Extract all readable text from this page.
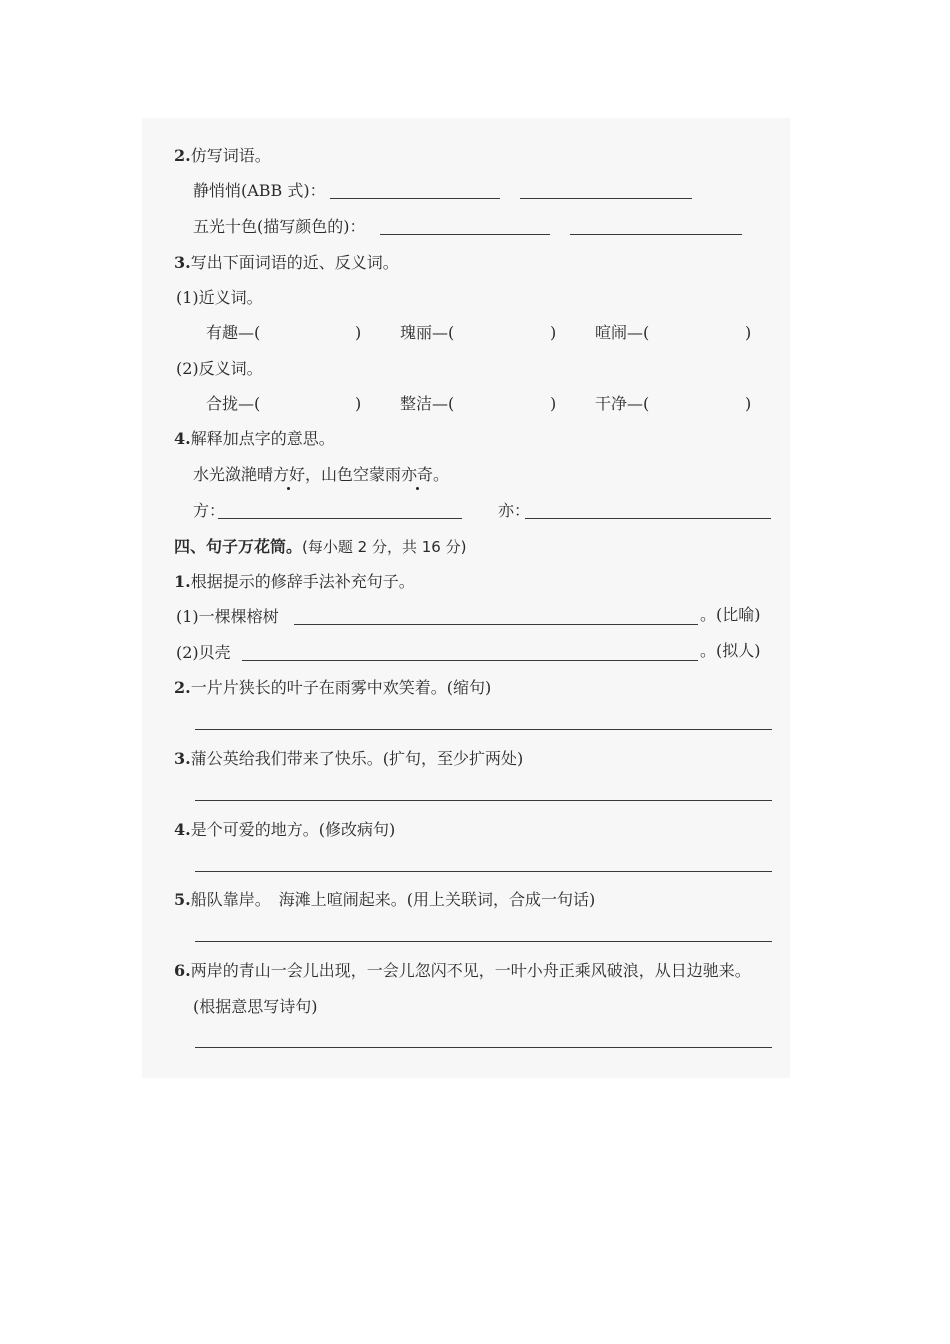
2.仿写词语。
静悄悄(ABB 式)：
五光十色(描写颜色的)：
3.写出下面词语的近、反义词。
(1)近义词。
有趣—(	) 瑰丽—(	) 喧闹—(	)
(2)反义词。
合拢—(	) 整洁—(	) 干净—(	)
4.解释加点字的意思。
水光潋滟晴方好，山色空蒙雨亦奇。
方：	亦：
四、句子万花筒。(每小题 2 分，共 16 分)
1.根据提示的修辞手法补充句子。
(1)一棵棵榕树	。(比喻)
(2)贝壳	。(拟人)
2.一片片狭长的叶子在雨雾中欢笑着。(缩句)
3.蒲公英给我们带来了快乐。(扩句，至少扩两处)
4.是个可爱的地方。(修改病句)
5.船队靠岸。　海滩上喧闹起来。(用上关联词，合成一句话)
6.两岸的青山一会儿出现，一会儿忽闪不见，一叶小舟正乘风破浪，从日边驰来。
(根据意思写诗句)
